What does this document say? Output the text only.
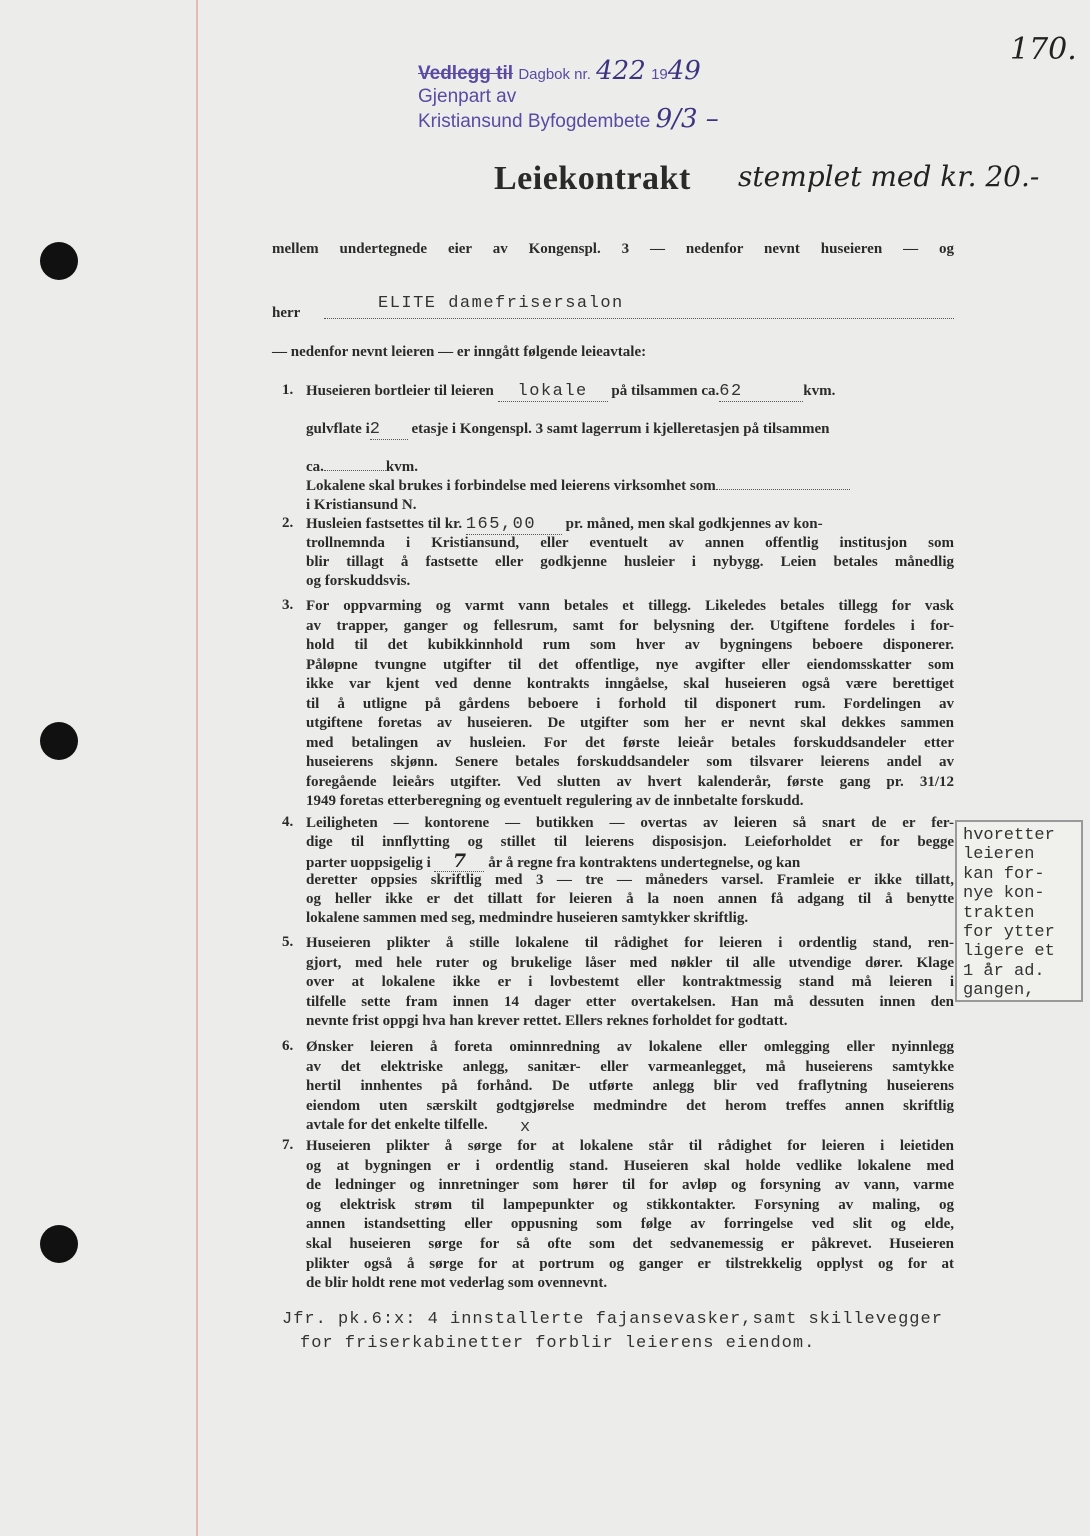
170.
Vedlegg til Dagbok nr. 422 1949
Gjenpart av
Kristiansund Byfogdembete 9/3 –
Leiekontrakt stemplet med kr. 20.-
mellem undertegnede eier av Kongenspl. 3 — nedenfor nevnt huseieren — og
herr	ELITE damefrisersalon
— nedenfor nevnt leieren — er inngått følgende leieavtale:
1. Huseieren bortleier til leieren lokale på tilsammen ca.62	kvm.
gulvflate i2 etasje i Kongenspl. 3 samt lagerrum i kjelleretasjen på tilsammen
ca.	kvm.
Lokalene skal brukes i forbindelse med leierens virksomhet som
i Kristiansund N.
2. Husleien fastsettes til kr. 165,00 pr. måned, men skal godkjennes av kon-
trollnemnda i Kristiansund, eller eventuelt av annen offentlig institusjon som
blir tillagt å fastsette eller godkjenne husleier i nybygg. Leien betales månedlig
og forskuddsvis.
3. For oppvarming og varmt vann betales et tillegg. Likeledes betales tillegg for vask
av trapper, ganger og fellesrum, samt for belysning der. Utgiftene fordeles i for-
hold til det kubikkinnhold rum som hver av bygningens beboere disponerer.
Påløpne tvungne utgifter til det offentlige, nye avgifter eller eiendomsskatter som
ikke var kjent ved denne kontrakts inngåelse, skal huseieren også være berettiget
til å utligne på gårdens beboere i forhold til disponert rum. Fordelingen av
utgiftene foretas av huseieren. De utgifter som her er nevnt skal dekkes sammen
med betalingen av husleien. For det første leieår betales forskuddsandeler etter
huseierens skjønn. Senere betales forskuddsandeler som tilsvarer leierens andel av
foregående leieårs utgifter. Ved slutten av hvert kalenderår, første gang pr. 31/12
1949 foretas etterberegning og eventuelt regulering av de innbetalte forskudd.
4. Leiligheten — kontorene — butikken — overtas av leieren så snart de er fer-
dige til innflytting og stillet til leierens disposisjon. Leieforholdet er for begge
parter uoppsigelig i 7 år å regne fra kontraktens undertegnelse, og kan
deretter oppsies skriftlig med 3 — tre — måneders varsel. Framleie er ikke tillatt,
og heller ikke er det tillatt for leieren å la noen annen få adgang til å benytte
lokalene sammen med seg, medmindre huseieren samtykker skriftlig.
5. Huseieren plikter å stille lokalene til rådighet for leieren i ordentlig stand, ren-
gjort, med hele ruter og brukelige låser med nøkler til alle utvendige dører. Klage
over at lokalene ikke er i lovbestemt eller kontraktmessig stand må leieren i
tilfelle sette fram innen 14 dager etter overtakelsen. Han må dessuten innen den
nevnte frist oppgi hva han krever rettet. Ellers reknes forholdet for godtatt.
6. Ønsker leieren å foreta ominnredning av lokalene eller omlegging eller nyinnlegg
av det elektriske anlegg, sanitær- eller varmeanlegget, må huseierens samtykke
hertil innhentes på forhånd. De utførte anlegg blir ved fraflytning huseierens
eiendom uten særskilt godtgjørelse medmindre det herom treffes annen skriftlig
avtale for det enkelte tilfelle.	x
7. Huseieren plikter å sørge for at lokalene står til rådighet for leieren i leietiden
og at bygningen er i ordentlig stand. Huseieren skal holde vedlike lokalene med
de ledninger og innretninger som hører til for avløp og forsyning av vann, varme
og elektrisk strøm til lampepunkter og stikkontakter. Forsyning av maling, og
annen istandsetting eller oppusning som følge av forringelse ved slit og elde,
skal huseieren sørge for så ofte som det sedvanemessig er påkrevet. Huseieren
plikter også å sørge for at portrum og ganger er tilstrekkelig opplyst og for at
de blir holdt rene mot vederlag som ovennevnt.
hvoretter
leieren
kan for-
nye kon-
trakten
for ytter
ligere et
1 år ad.
gangen,
Jfr. pk.6:x: 4 innstallerte fajansevasker,samt skillevegger
for friserkabinetter forblir leierens eiendom.
